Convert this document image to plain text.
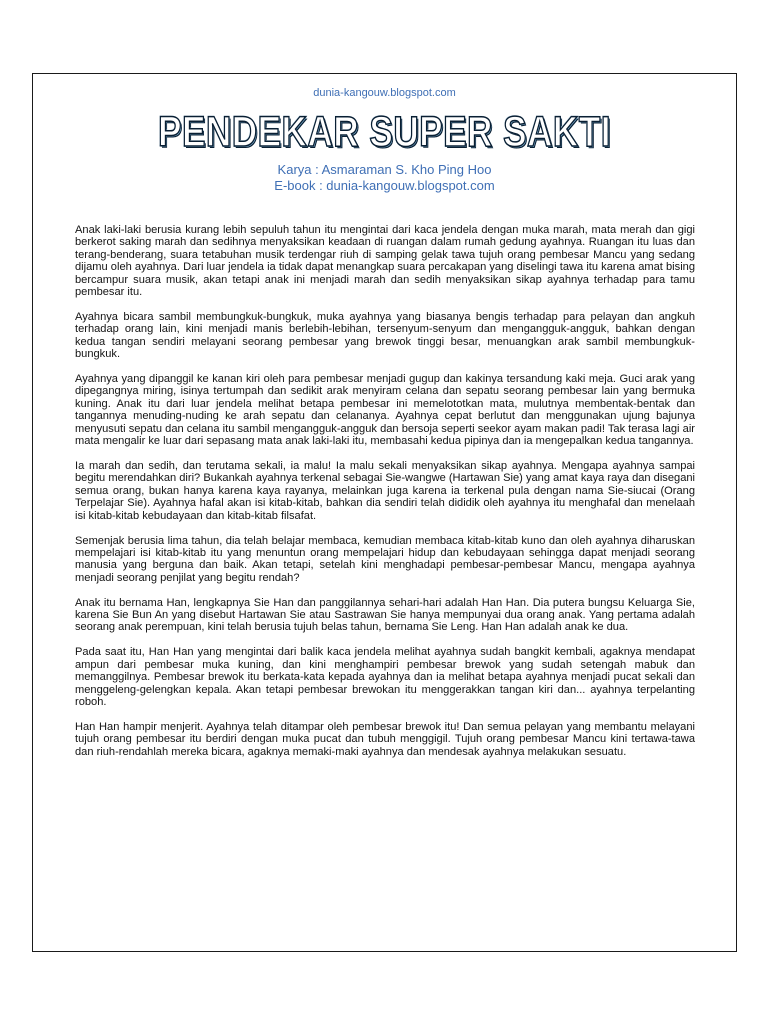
dunia-kangouw.blogspot.com
PENDEKAR SUPER SAKTI
Karya : Asmaraman S. Kho Ping Hoo
E-book : dunia-kangouw.blogspot.com

Anak laki-laki berusia kurang lebih sepuluh tahun itu mengintai dari kaca jendela dengan muka marah, mata merah dan gigi berkerot saking marah dan sedihnya menyaksikan keadaan di ruangan dalam rumah gedung ayahnya. Ruangan itu luas dan terang-benderang, suara tetabuhan musik terdengar riuh di samping gelak tawa tujuh orang pembesar Mancu yang sedang dijamu oleh ayahnya. Dari luar jendela ia tidak dapat menangkap suara percakapan yang diselingi tawa itu karena amat bising bercampur suara musik, akan tetapi anak ini menjadi marah dan sedih menyaksikan sikap ayahnya terhadap para tamu pembesar itu.

Ayahnya bicara sambil membungkuk-bungkuk, muka ayahnya yang biasanya bengis terhadap para pelayan dan angkuh terhadap orang lain, kini menjadi manis berlebih-lebihan, tersenyum-senyum dan mengangguk-angguk, bahkan dengan kedua tangan sendiri melayani seorang pembesar yang brewok tinggi besar, menuangkan arak sambil membungkuk-bungkuk.

Ayahnya yang dipanggil ke kanan kiri oleh para pembesar menjadi gugup dan kakinya tersandung kaki meja. Guci arak yang dipegangnya miring, isinya tertumpah dan sedikit arak menyiram celana dan sepatu seorang pembesar lain yang bermuka kuning. Anak itu dari luar jendela melihat betapa pembesar ini memelototkan mata, mulutnya membentak-bentak dan tangannya menuding-nuding ke arah sepatu dan celananya. Ayahnya cepat berlutut dan menggunakan ujung bajunya menyusuti sepatu dan celana itu sambil mengangguk-angguk dan bersoja seperti seekor ayam makan padi! Tak terasa lagi air mata mengalir ke luar dari sepasang mata anak laki-laki itu, membasahi kedua pipinya dan ia mengepalkan kedua tangannya.

Ia marah dan sedih, dan terutama sekali, ia malu! Ia malu sekali menyaksikan sikap ayahnya. Mengapa ayahnya sampai begitu merendahkan diri? Bukankah ayahnya terkenal sebagai Sie-wangwe (Hartawan Sie) yang amat kaya raya dan disegani semua orang, bukan hanya karena kaya rayanya, melainkan juga karena ia terkenal pula dengan nama Sie-siucai (Orang Terpelajar Sie). Ayahnya hafal akan isi kitab-kitab, bahkan dia sendiri telah dididik oleh ayahnya itu menghafal dan menelaah isi kitab-kitab kebudayaan dan kitab-kitab filsafat.

Semenjak berusia lima tahun, dia telah belajar membaca, kemudian membaca kitab-kitab kuno dan oleh ayahnya diharuskan mempelajari isi kitab-kitab itu yang menuntun orang mempelajari hidup dan kebudayaan sehingga dapat menjadi seorang manusia yang berguna dan baik. Akan tetapi, setelah kini menghadapi pembesar-pembesar Mancu, mengapa ayahnya menjadi seorang penjilat yang begitu rendah?

Anak itu bernama Han, lengkapnya Sie Han dan panggilannya sehari-hari adalah Han Han. Dia putera bungsu Keluarga Sie, karena Sie Bun An yang disebut Hartawan Sie atau Sastrawan Sie hanya mempunyai dua orang anak. Yang pertama adalah seorang anak perempuan, kini telah berusia tujuh belas tahun, bernama Sie Leng. Han Han adalah anak ke dua.

Pada saat itu, Han Han yang mengintai dari balik kaca jendela melihat ayahnya sudah bangkit kembali, agaknya mendapat ampun dari pembesar muka kuning, dan kini menghampiri pembesar brewok yang sudah setengah mabuk dan memanggilnya. Pembesar brewok itu berkata-kata kepada ayahnya dan ia melihat betapa ayahnya menjadi pucat sekali dan menggeleng-gelengkan kepala. Akan tetapi pembesar brewokan itu menggerakkan tangan kiri dan... ayahnya terpelanting roboh.

Han Han hampir menjerit. Ayahnya telah ditampar oleh pembesar brewok itu! Dan semua pelayan yang membantu melayani tujuh orang pembesar itu berdiri dengan muka pucat dan tubuh menggigil. Tujuh orang pembesar Mancu kini tertawa-tawa dan riuh-rendahlah mereka bicara, agaknya memaki-maki ayahnya dan mendesak ayahnya melakukan sesuatu.
